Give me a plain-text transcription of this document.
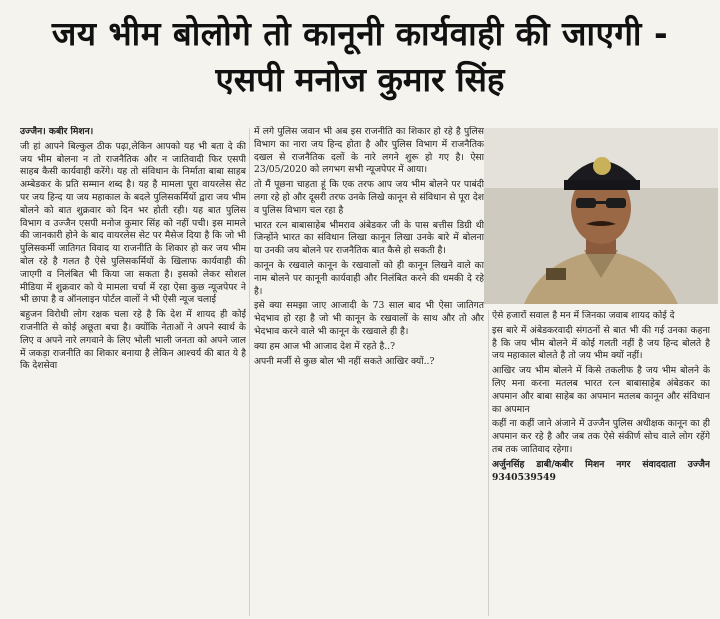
जय भीम बोलोगे तो कानूनी कार्यवाही की जाएगी -
एसपी मनोज कुमार सिंह

उज्जैन। कबीर मिशन।

जी हां आपने बिल्कुल ठीक पढ़ा,लेकिन आपको यह भी बता दे की जय भीम बोलना न तो राजनैतिक और न जातिवादी फिर एसपी साहब कैसी कार्यवाही करेंगे। यह तो संविधान के निर्माता बाबा साहब अम्बेडकर के प्रति सम्मान शब्द है। यह है मामला पूरा वायरलेस सेट पर जय हिन्द या जय महाकाल के बदले पुलिसकर्मियों द्वारा जय भीम बोलने को बात शुक्रवार को दिन भर होती रही। यह बात पुलिस विभाग व उज्जैन एसपी मनोज कुमार सिंह को नहीं पची। इस मामले की जानकारी होने के बाद वायरलेस सेट पर मैसेज दिया है कि जो भी पुलिसकर्मी जातिगत विवाद या राजनीति के शिकार हो कर जय भीम बोल रहे है गलत है ऐसे पुलिसकर्मियों के खिलाफ कार्यवाही की जाएगी व निलंबित भी किया जा सकता है। इसको लेकर सोशल मीडिया में शुक्रवार को ये मामला चर्चा में रहा ऐसा कुछ न्यूजपेपर ने भी छापा है व ऑनलाइन पोर्टल वालों ने भी ऐसी न्यूज चलाई

बहुजन विरोधी लोग रक्षक चला रहे है कि देश में शायद ही कोई राजनीति से कोई अछूता बचा है। क्योंकि नेताओं ने अपने स्वार्थ के लिए व अपने नारे लगवाने के लिए भोली भाली जनता को अपने जाल में जकड़ा राजनीति का शिकार बनाया है लेकिन आश्चर्य की बात ये है कि देशसेवा

में लगे पुलिस जवान भी अब इस राजनीति का शिकार हो रहे है पुलिस विभाग का नारा जय हिन्द होता है और पुलिस विभाग में राजनैतिक दखल से राजनैतिक दलों के नारे लगने शुरू हो गए है। ऐसा 23/05/2020 को लगभग सभी न्यूजपेपर में आया।

तो मैं पूछना चाहता हूं कि एक तरफ आप जय भीम बोलने पर पाबंदी लगा रहे हो और दूसरी तरफ उनके लिखे कानून से संविधान से पूरा देश व पुलिस विभाग चल रहा है

भारत रत्न बाबासाहेब भीमराव अंबेडकर जी के पास बत्तीस डिग्री थी जिन्होंने भारत का संविधान लिखा कानून लिखा उनके बारे में बोलना या उनकी जय बोलने पर राजनैतिक बात कैसे हो सकती है।

कानून के रखवाले कानून के रखवालों को ही कानून लिखने वाले का नाम बोलने पर कानूनी कार्यवाही और निलंबित करने की धमकी दे रहे है।

इसे क्या समझा जाए आजादी के 73 साल बाद भी ऐसा जातिगत भेदभाव हो रहा है जो भी कानून के रखवालों के साथ और तो और भेदभाव करने वाले भी कानून के रखवाले ही है।

क्या हम आज भी आजाद देश में रहते है..?

अपनी मर्जी से कुछ बोल भी नहीं सकते आखिर क्यों..?

ऐसे हजारों सवाल है मन में जिनका जवाब शायद कोई दे

इस बारे में अंबेडकरवादी संगठनों से बात भी की गई उनका कहना है कि जय भीम बोलने में कोई गलती नहीं है जय हिन्द बोलते है जय महाकाल बोलते है तो जय भीम क्यों नहीं।

आखिर जय भीम बोलने में किसे तकलीफ है जय भीम बोलने के लिए मना करना मतलब भारत रत्न बाबासाहेब अंबेडकर का अपमान और बाबा साहेब का अपमान मतलब कानून और संविधान का अपमान

कहीं ना कहीं जाने अंजाने में उज्जैन पुलिस अधीक्षक कानून का ही अपमान कर रहे है और जब तक ऐसे संकीर्ण सोच वाले लोग रहेंगे तब तक जातिवाद रहेगा।

अर्जुनसिंह डाबी/कबीर मिशन नगर संवाददाता उज्जैन 9340539549
